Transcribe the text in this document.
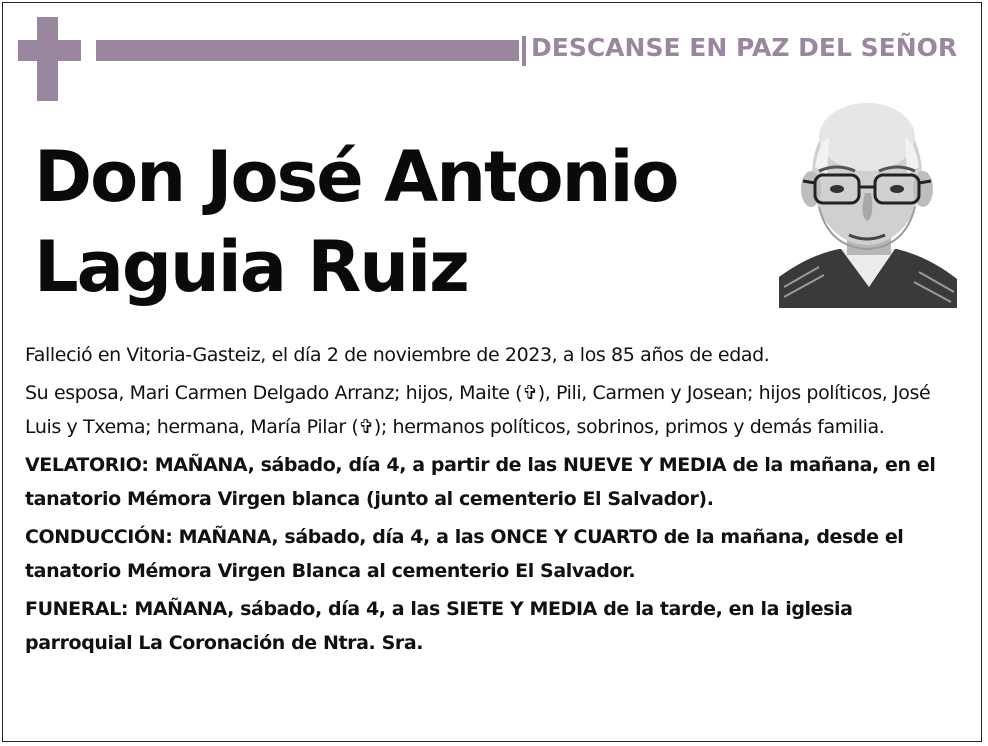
DESCANSE EN PAZ DEL SEÑOR
Don José Antonio
Laguia Ruiz

Falleció en Vitoria-Gasteiz, el día 2 de noviembre de 2023, a los 85 años de edad.

Su esposa, Mari Carmen Delgado Arranz; hijos, Maite (✞), Pili, Carmen y Josean; hijos políticos, José Luis y Txema; hermana, María Pilar (✞); hermanos políticos, sobrinos, primos y demás familia.

VELATORIO: MAÑANA, sábado, día 4, a partir de las NUEVE Y MEDIA de la mañana, en el tanatorio Mémora Virgen blanca (junto al cementerio El Salvador).

CONDUCCIÓN: MAÑANA, sábado, día 4, a las ONCE Y CUARTO de la mañana, desde el tanatorio Mémora Virgen Blanca al cementerio El Salvador.

FUNERAL: MAÑANA, sábado, día 4, a las SIETE Y MEDIA de la tarde, en la iglesia parroquial La Coronación de Ntra. Sra.
